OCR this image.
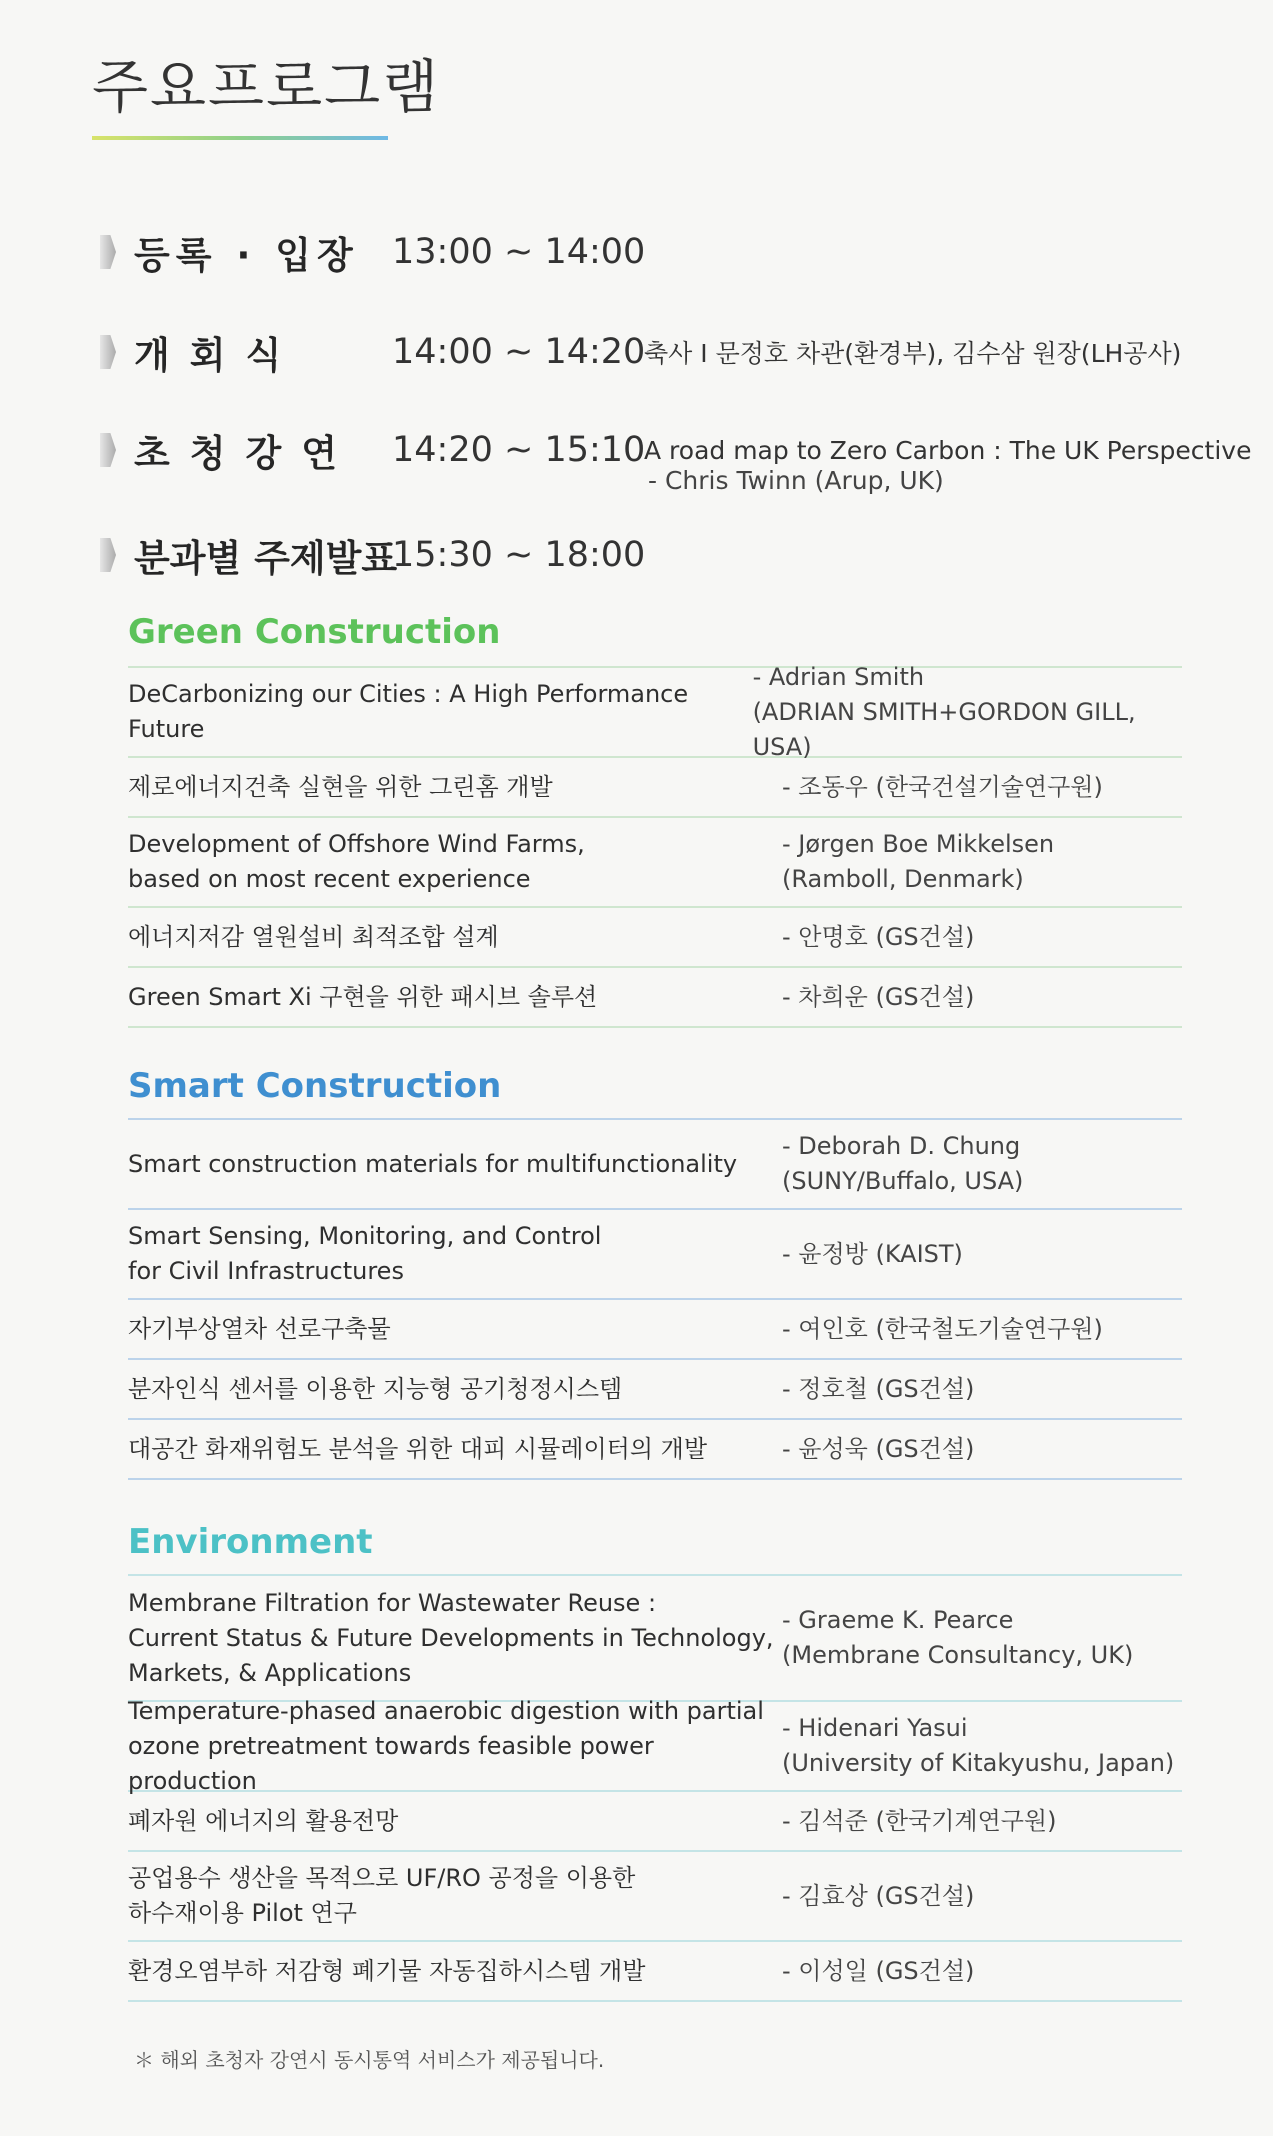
주요프로그램
등록 · 입장 13:00 ~ 14:00
개회식	14:00 ~ 14:20
축사 I 문정호 차관(환경부), 김수삼 원장(LH공사)
초청강연	14:20 ~ 15:10
A road map to Zero Carbon : The UK Perspective
- Chris Twinn (Arup, UK)
분과별 주제발표
15:30 ~ 18:00
Green Construction
DeCarbonizing our Cities : A High Performance Future
- Adrian Smith
(ADRIAN SMITH+GORDON GILL, USA)
제로에너지건축 실현을 위한 그린홈 개발	- 조동우 (한국건설기술연구원)
Development of Offshore Wind Farms,
based on most recent experience
- Jørgen Boe Mikkelsen
(Ramboll, Denmark)
에너지저감 열원설비 최적조합 설계	- 안명호 (GS건설)
Green Smart Xi 구현을 위한 패시브 솔루션	- 차희운 (GS건설)
Smart Construction
Smart construction materials for multifunctionality
- Deborah D. Chung
(SUNY/Buffalo, USA)
Smart Sensing, Monitoring, and Control
for Civil Infrastructures
- 윤정방 (KAIST)
자기부상열차 선로구축물	- 여인호 (한국철도기술연구원)
분자인식 센서를 이용한 지능형 공기청정시스템	- 정호철 (GS건설)
대공간 화재위험도 분석을 위한 대피 시뮬레이터의 개발	- 윤성욱 (GS건설)
Environment
Membrane Filtration for Wastewater Reuse :
Current Status & Future Developments in Technology,
Markets, & Applications
- Graeme K. Pearce
(Membrane Consultancy, UK)
Temperature-phased anaerobic digestion with partial
ozone pretreatment towards feasible power production
- Hidenari Yasui
(University of Kitakyushu, Japan)
폐자원 에너지의 활용전망	- 김석준 (한국기계연구원)
공업용수 생산을 목적으로 UF/RO 공정을 이용한
하수재이용 Pilot 연구
- 김효상 (GS건설)
환경오염부하 저감형 폐기물 자동집하시스템 개발	- 이성일 (GS건설)
＊ 해외 초청자 강연시 동시통역 서비스가 제공됩니다.
